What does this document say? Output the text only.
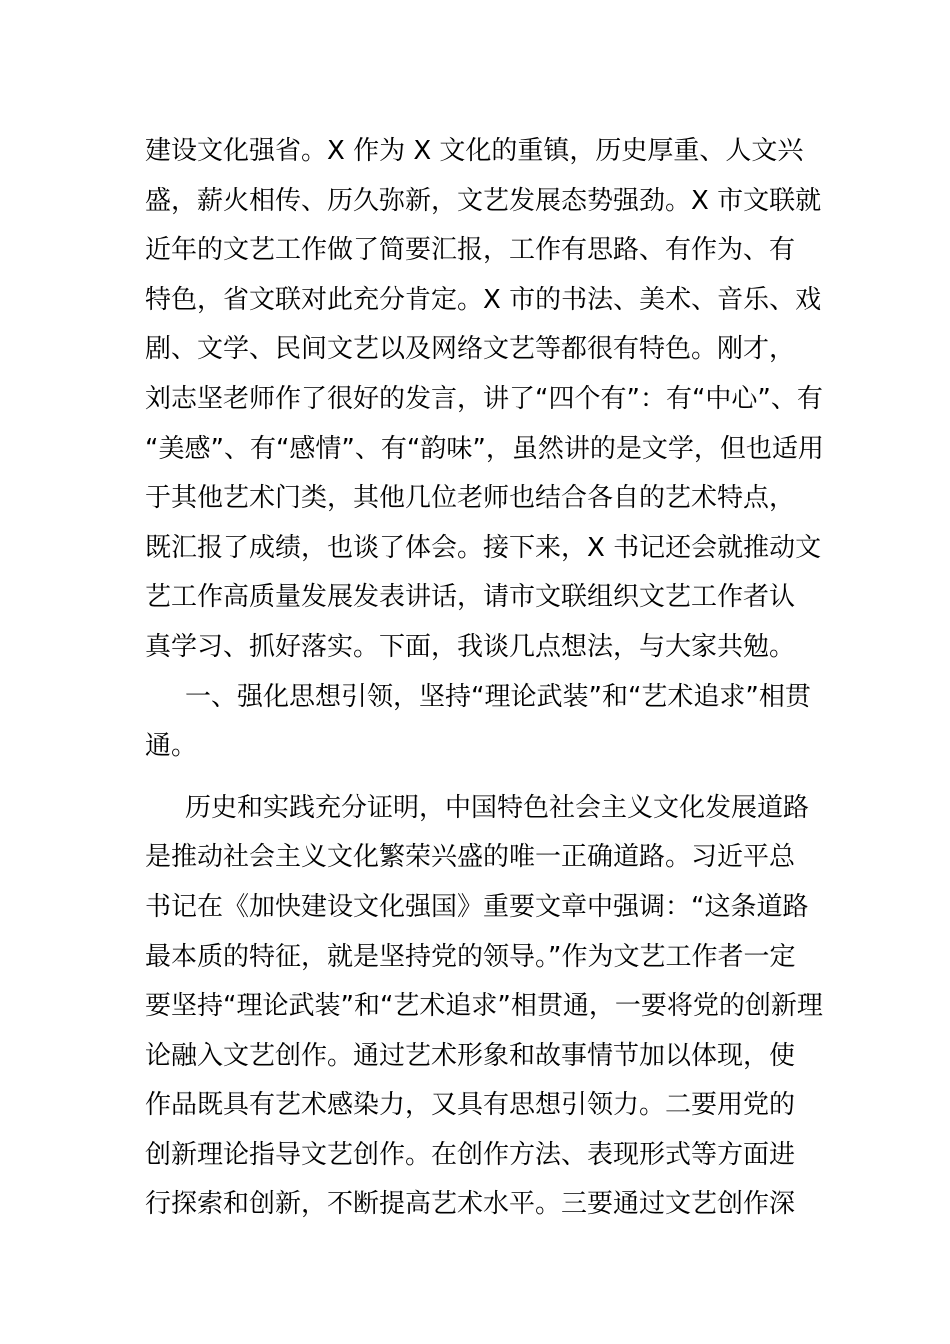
建设文化强省。X 作为 X 文化的重镇，历史厚重、人文兴
盛，薪火相传、历久弥新，文艺发展态势强劲。X 市文联就
近年的文艺工作做了简要汇报，工作有思路、有作为、有
特色，省文联对此充分肯定。X 市的书法、美术、音乐、戏
剧、文学、民间文艺以及网络文艺等都很有特色。刚才，
刘志坚老师作了很好的发言，讲了“四个有”：有“中心”、有
“美感”、有“感情”、有“韵味”，虽然讲的是文学，但也适用
于其他艺术门类，其他几位老师也结合各自的艺术特点，
既汇报了成绩，也谈了体会。接下来，X 书记还会就推动文
艺工作高质量发展发表讲话，请市文联组织文艺工作者认
真学习、抓好落实。下面，我谈几点想法，与大家共勉。
一、强化思想引领，坚持“理论武装”和“艺术追求”相贯
通。
历史和实践充分证明，中国特色社会主义文化发展道路
是推动社会主义文化繁荣兴盛的唯一正确道路。习近平总
书记在《加快建设文化强国》重要文章中强调：“这条道路
最本质的特征，就是坚持党的领导。”作为文艺工作者一定
要坚持“理论武装”和“艺术追求”相贯通，一要将党的创新理
论融入文艺创作。通过艺术形象和故事情节加以体现，使
作品既具有艺术感染力，又具有思想引领力。二要用党的
创新理论指导文艺创作。在创作方法、表现形式等方面进
行探索和创新，不断提高艺术水平。三要通过文艺创作深
